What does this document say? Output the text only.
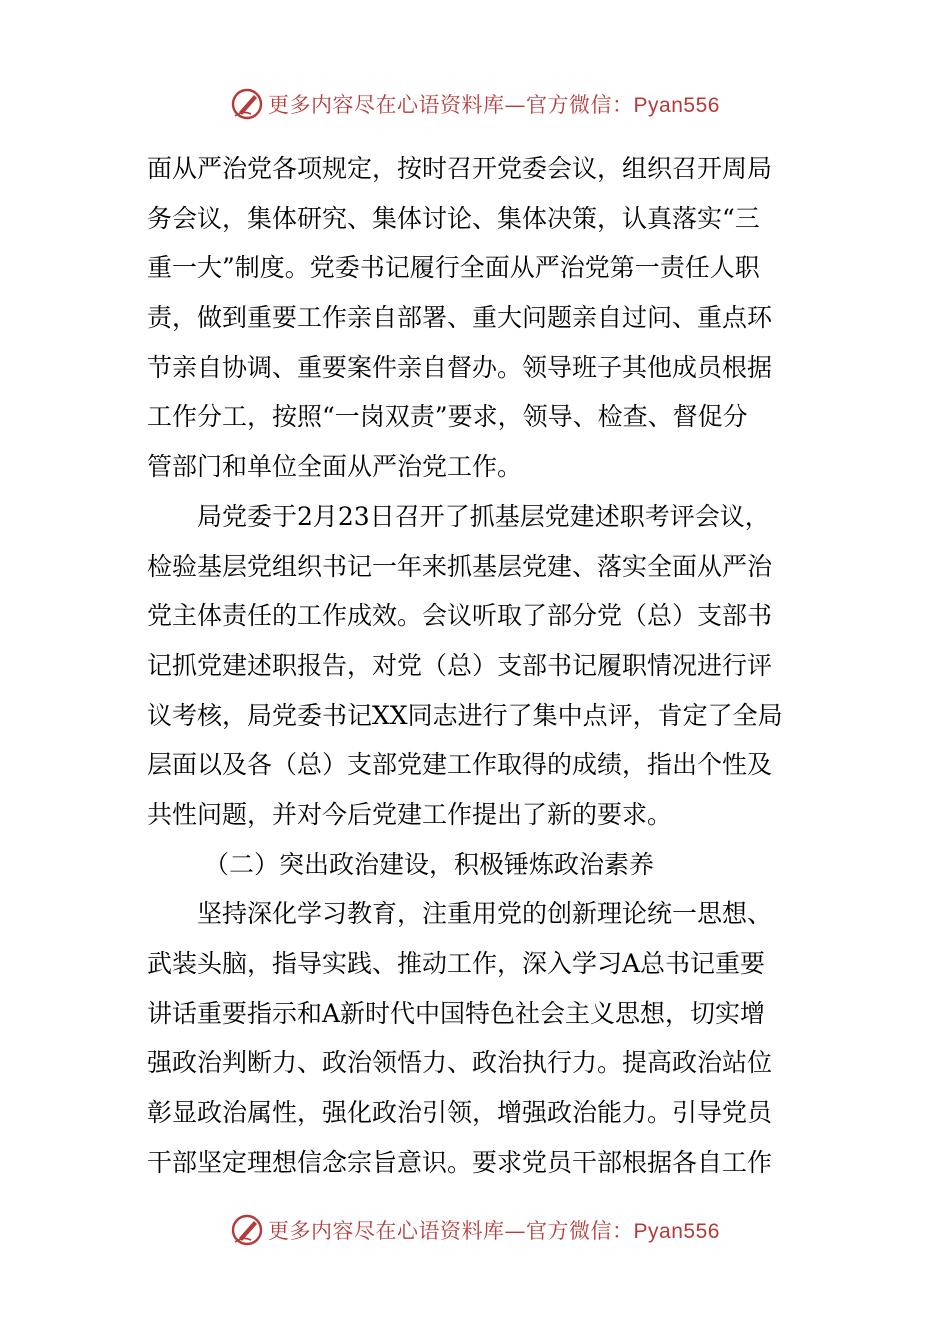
更多内容尽在心语资料库—官方微信：Pyan556
面从严治党各项规定，按时召开党委会议，组织召开周局
务会议，集体研究、集体讨论、集体决策，认真落实“三
重一大”制度。党委书记履行全面从严治党第一责任人职
责，做到重要工作亲自部署、重大问题亲自过问、重点环
节亲自协调、重要案件亲自督办。领导班子其他成员根据
工作分工，按照“一岗双责”要求，领导、检查、督促分
管部门和单位全面从严治党工作。
局党委于2月23日召开了抓基层党建述职考评会议，
检验基层党组织书记一年来抓基层党建、落实全面从严治
党主体责任的工作成效。会议听取了部分党（总）支部书
记抓党建述职报告，对党（总）支部书记履职情况进行评
议考核，局党委书记XX同志进行了集中点评，肯定了全局
层面以及各（总）支部党建工作取得的成绩，指出个性及
共性问题，并对今后党建工作提出了新的要求。
（二）突出政治建设，积极锤炼政治素养
坚持深化学习教育，注重用党的创新理论统一思想、
武装头脑，指导实践、推动工作，深入学习A总书记重要
讲话重要指示和A新时代中国特色社会主义思想，切实增
强政治判断力、政治领悟力、政治执行力。提高政治站位
彰显政治属性，强化政治引领，增强政治能力。引导党员
干部坚定理想信念宗旨意识。要求党员干部根据各自工作
更多内容尽在心语资料库—官方微信：Pyan556
